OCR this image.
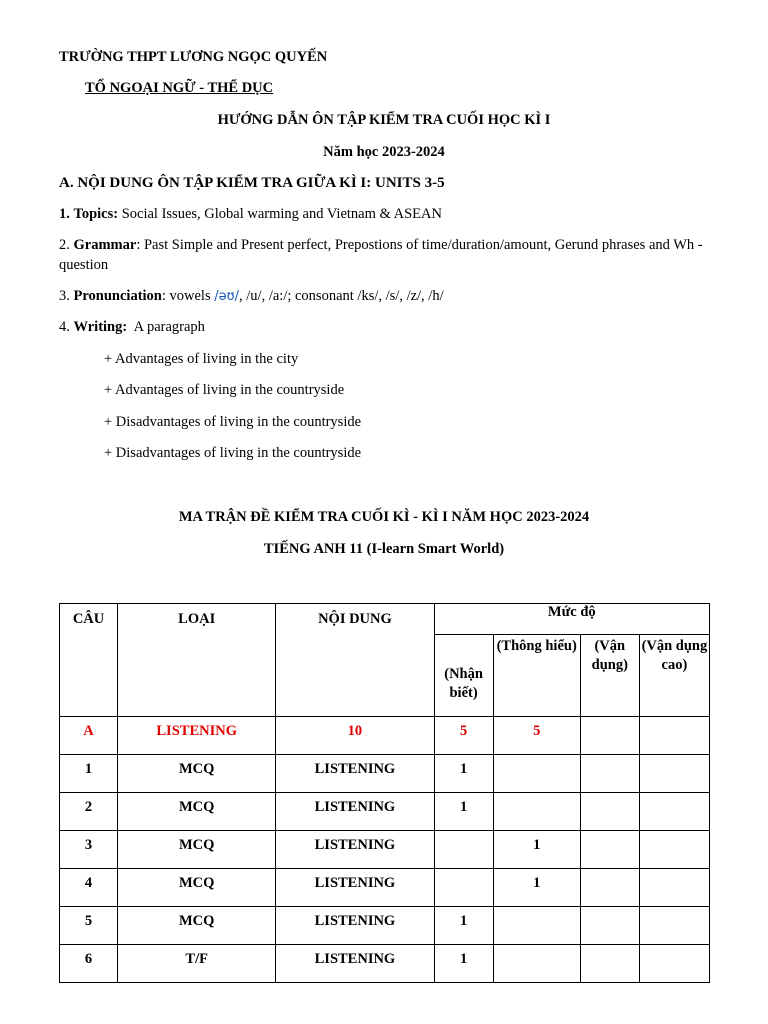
TRƯỜNG THPT LƯƠNG NGỌC QUYẾN
TỔ NGOẠI NGỮ - THỂ DỤC
HƯỚNG DẪN ÔN TẬP KIỂM TRA CUỐI HỌC KÌ I
Năm học 2023-2024
A. NỘI DUNG ÔN TẬP KIỂM TRA GIỮA KÌ I: UNITS 3-5
1. Topics: Social Issues, Global warming and Vietnam & ASEAN
2. Grammar: Past Simple and Present perfect, Prepostions of time/duration/amount, Gerund phrases and Wh - question
3. Pronunciation: vowels /əʊ/, /u/, /a:/; consonant /ks/, /s/, /z/, /h/
4. Writing:  A paragraph
+ Advantages of living in the city
+ Advantages of living in the countryside
+ Disadvantages of living in the countryside
+ Disadvantages of living in the countryside
MA TRẬN ĐỀ KIỂM TRA CUỐI KÌ - KÌ I NĂM HỌC 2023-2024
TIẾNG ANH 11 (I-learn Smart World)
CÂU	LOẠI	NỘI DUNG	Mức độ			
			(Nhận biết)	(Thông hiểu)	(Vận dụng)	(Vận dụng cao)
A	LISTENING	10	5	5		
1	MCQ	LISTENING	1			
2	MCQ	LISTENING	1			
3	MCQ	LISTENING		1		
4	MCQ	LISTENING		1		
5	MCQ	LISTENING	1			
6	T/F	LISTENING	1			
